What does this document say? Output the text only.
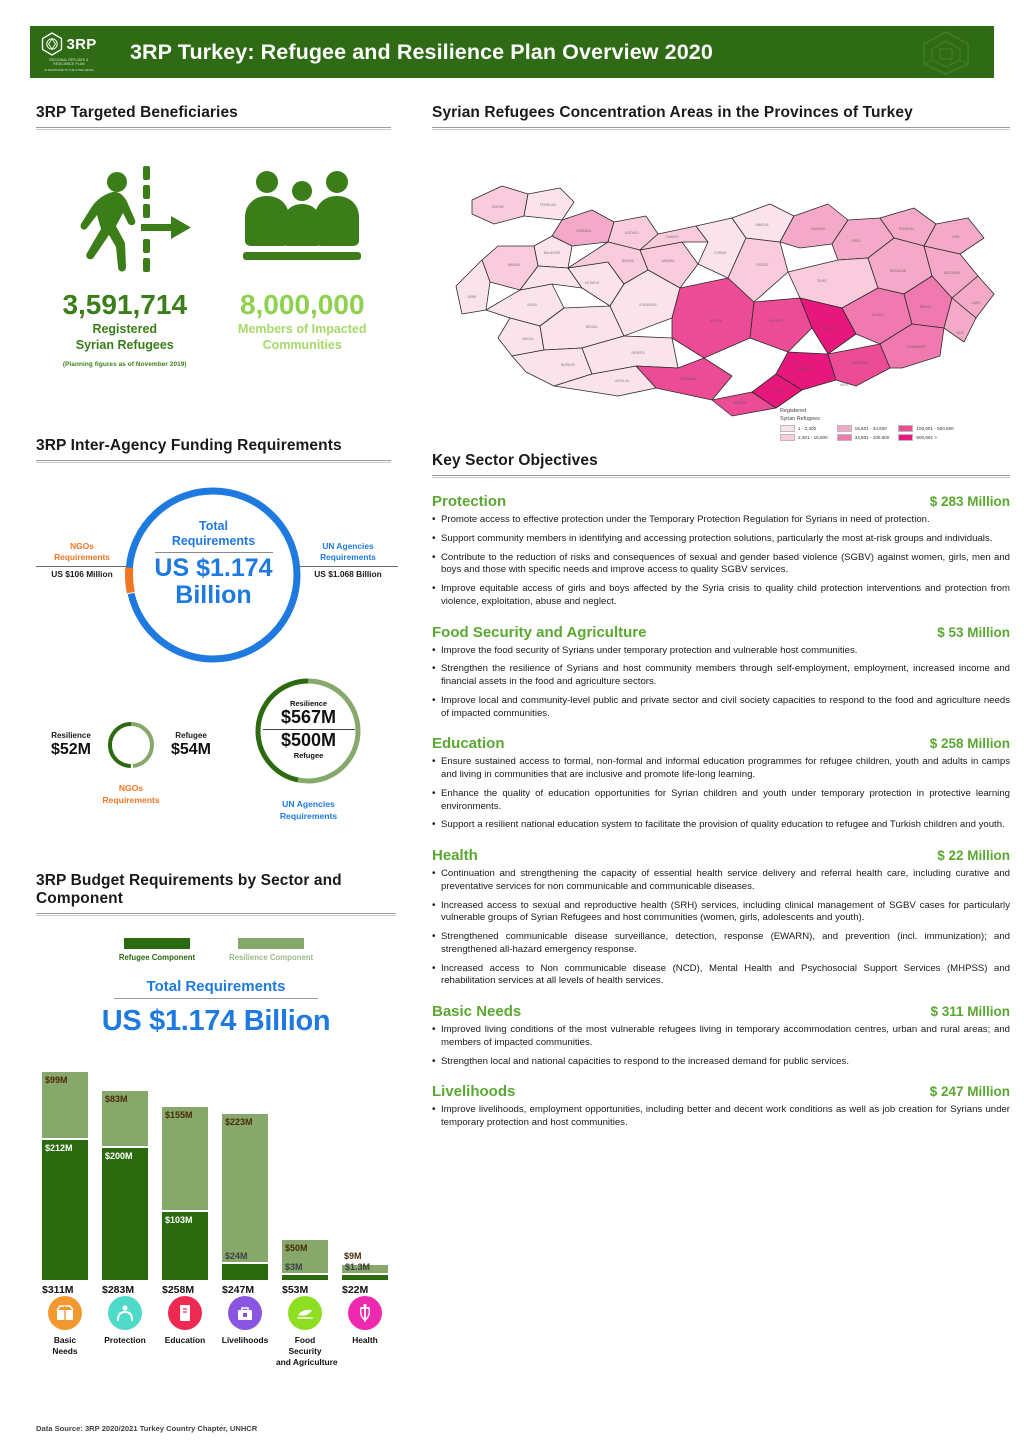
3RP
REGIONAL REFUGEE &
RESILIENCE PLAN
IN RESPONSE TO THE SYRIA CRISIS
3RP Turkey: Refugee and Resilience Plan Overview 2020
3RP Targeted Beneficiaries
3,591,714
Registered
Syrian Refugees
(Planning figures as of November 2019)
8,000,000
Members of Impacted
Communities
3RP Inter-Agency Funding Requirements
Total
Requirements
US $1.174
Billion
NGOs
Requirements
US $106 Million
UN Agencies
Requirements
US $1.068 Billion
Resilience
$52M
Refugee
$54M
NGOs
Requirements
Resilience
$567M
$500M
Refugee
UN Agencies
Requirements
3RP Budget Requirements by Sector and
Component
Refugee Component	Resilience Component
Total Requirements
US $1.174 Billion
$99M
$212M
$311M
$83M
$200M
$283M
$155M
$103M
$258M
$223M
$24M
$247M
$50M
$3M
$53M
$9M
$1.3M
$22M
Basic
Needs
Protection	Education	Livelihoods	Food
Security
and Agriculture
Health
Syrian Refugees Concentration Areas in the Provinces of Turkey
EDIRNE	TEKIRDAG
ISTANBUL	KOCAELI
BALIKESIR
MANISA
IZMIR
AYDIN
KUTAHYA
BILECIK
MUGLA
DENIZLI
BURDUR
ANTALYA
ANKARA
CANKIRI
ESKISEHIR
KONYA
ISPARTA
KARAMAN
MERSIN
CORUM
YOZGAT
AMASYA
SAMSUN
ORDU
TRABZON
RIZE
SIVAS
ERZINCAN	ERZURUM
KARS
KAYSERI
MALATYA
ELAZIG
BINGOL
ADANA
ADIYAMAN
DIYARBAKIR
MUS
HATAY
URFA
Registered
Syrian Refugees
1 - 2,300
2,301 - 16,600
16,601 - 34,600
34,601 - 100,600
100,601 - 500,600
500,601 >
Key Sector Objectives
Protection	$ 283 Million
• Promote access to effective protection under the Temporary Protection Regulation for Syrians in need of protection.
• Support community members in identifying and accessing protection solutions, particularly the most at-risk groups and individuals.
• Contribute to the reduction of risks and consequences of sexual and gender based violence (SGBV) against women, girls, men and boys and those with specific needs and improve access to quality SGBV services.
• Improve equitable access of girls and boys affected by the Syria crisis to quality child protection interventions and protection from violence, exploitation, abuse and neglect.
Food Security and Agriculture	$ 53 Million
• Improve the food security of Syrians under temporary protection and vulnerable host communities.
• Strengthen the resilience of Syrians and host community members through self-employment, employment, increased income and financial assets in the food and agriculture sectors.
• Improve local and community-level public and private sector and civil society capacities to respond to the food and agriculture needs of impacted communities.
Education	$ 258 Million
• Ensure sustained access to formal, non-formal and informal education programmes for refugee children, youth and adults in camps and living in communities that are inclusive and promote life-long learning.
• Enhance the quality of education opportunities for Syrian children and youth under temporary protection in protective learning environments.
• Support a resilient national education system to facilitate the provision of quality education to refugee and Turkish children and youth.
Health	$ 22 Million
• Continuation and strengthening the capacity of essential health service delivery and referral health care, including curative and preventative services for non communicable and communicable diseases.
• Increased access to sexual and reproductive health (SRH) services, including clinical management of SGBV cases for particularly vulnerable groups of Syrian Refugees and host communities (women, girls, adolescents and youth).
• Strengthened communicable disease surveillance, detection, response (EWARN), and prevention (incl. immunization); and strengthened all-hazard emergency response.
• Increased access to Non communicable disease (NCD), Mental Health and Psychosocial Support Services (MHPSS) and rehabilitation services at all levels of health services.
Basic Needs	$ 311 Million
• Improved living conditions of the most vulnerable refugees living in temporary accommodation centres, urban and rural areas; and members of impacted communities.
• Strengthen local and national capacities to respond to the increased demand for public services.
Livelihoods	$ 247 Million
• Improve livelihoods, employment opportunities, including better and decent work conditions as well as job creation for Syrians under temporary protection and host communities.
Data Source: 3RP 2020/2021 Turkey Country Chapter, UNHCR
